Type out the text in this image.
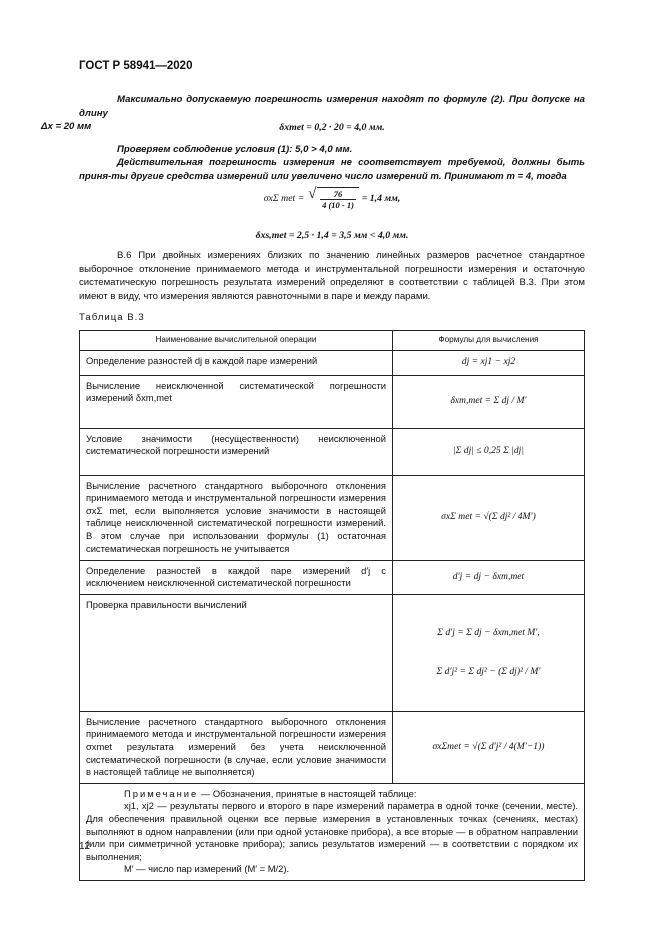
ГОСТ Р 58941—2020
Максимально допускаемую погрешность измерения находят по формуле (2). При допуске на длину
Δx = 20 мм	δxmet = 0,2 · 20 = 4,0 мм.
Проверяем соблюдение условия (1): 5,0 > 4,0 мм.
Действительная погрешность измерения не соответствует требуемой, должны быть приня-ты другие средства измерений или увеличено число измерений m. Принимают m = 4, тогда
σxΣ met = √ $\frac{76}{4 (10 - 1)} = 1,4$ мм,
δxs,met = 2,5 · 1,4 = 3,5 мм < 4,0 мм.
В.6 При двойных измерениях близких по значению линейных размеров расчетное стандартное выборочное отклонение принимаемого метода и инструментальной погрешности измерения и остаточную систематическую погрешность результата измерений определяют в соответствии с таблицей В.3. При этом имеют в виду, что измерения являются равноточными в паре и между парами.
Таблица В.3
Наименование вычислительной операции	Формулы для вычисления
Определение разностей dj в каждой паре измерений	dj = xj1 − xj2
Вычисление неисключенной систематической погрешности измерений δxm,met	δxm,met = Σ dj / M′
Условие значимости (несущественности) неисключенной систематической погрешности измерений	|Σ dj| ≤ 0,25 Σ |dj|
Вычисление расчетного стандартного выборочного отклонения принимаемого метода и инструментальной погрешности измерения σxΣ met, если выполняется условие значимости в настоящей таблице неисключенной систематической погрешности измерений. В этом случае при использовании формулы (1) остаточная систематическая погрешность не учитывается	σxΣ met = √(Σ dj² / 4M′)
Определение разностей в каждой паре измерений d′j с исключением неисключенной систематической погрешности	d′j = dj − δxm,met
Проверка правильности вычислений	Σ d′j = Σ dj − δxm,met M′,
Σ d′j² = Σ dj² − (Σ dj)² / M′

Вычисление расчетного стандартного выборочного отклонения принимаемого метода и инструментальной погрешности измерения σxmet результата измерений без учета неисключенной систематической погрешности (в случае, если условие значимости в настоящей таблице не выполняется)	σxΣmet = √(Σ d′j² / 4(M′−1))

Примечание — Обозначения, принятые в настоящей таблице:
xj1, xj2 — результаты первого и второго в паре измерений параметра в одной точке (сечении, месте). Для обеспечения правильной оценки все первые измерения в установленных точках (сечениях, местах) выполняют в одном направлении (или при одной установке прибора), а все вторые — в обратном направлении (или при симметричной установке прибора); запись результатов измерений — в соответствии с порядком их выполнения;
M′ — число пар измерений (M′ = M/2).	
12
